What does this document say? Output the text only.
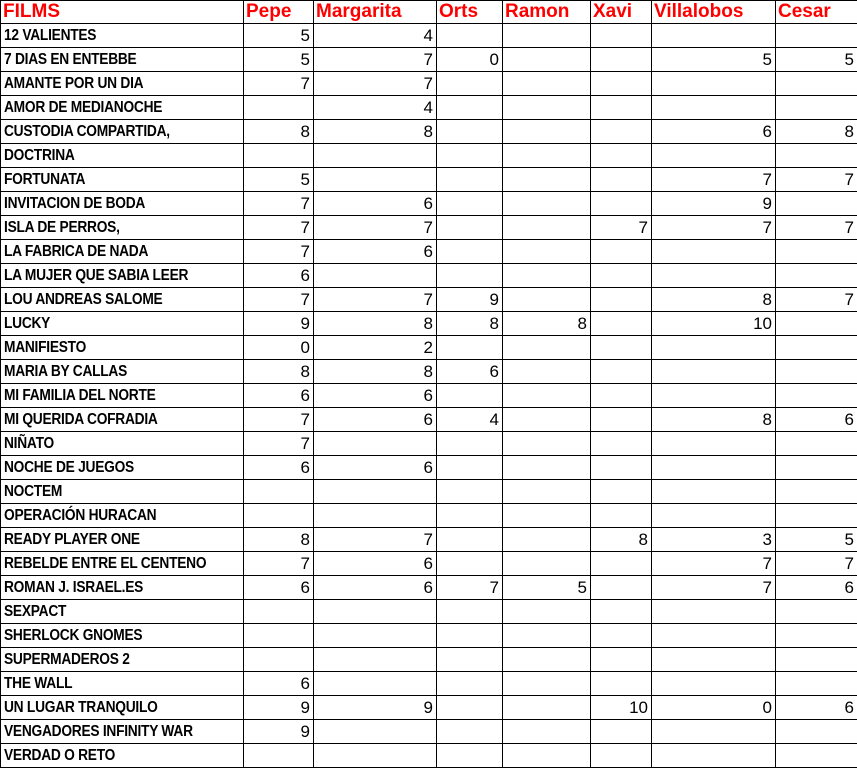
FILMS	Pepe	Margarita	Orts	Ramon	Xavi	Villalobos	Cesar
12 VALIENTES	5	4					
7 DIAS EN ENTEBBE	5	7	0			5	5
AMANTE POR UN DIA	7	7					
AMOR DE MEDIANOCHE		4					
CUSTODIA COMPARTIDA,	8	8				6	8
DOCTRINA							
FORTUNATA	5					7	7
INVITACION DE BODA	7	6				9	
ISLA DE PERROS,	7	7			7	7	7
LA FABRICA DE NADA	7	6					
LA MUJER QUE SABIA LEER	6						
LOU ANDREAS SALOME	7	7	9			8	7
LUCKY	9	8	8	8		10	
MANIFIESTO	0	2					
MARIA BY CALLAS	8	8	6				
MI FAMILIA DEL NORTE	6	6					
MI QUERIDA COFRADIA	7	6	4			8	6
NIÑATO	7						
NOCHE DE JUEGOS	6	6					
NOCTEM							
OPERACIÓN HURACAN							
READY PLAYER ONE	8	7			8	3	5
REBELDE ENTRE EL CENTENO	7	6				7	7
ROMAN J. ISRAEL.ES	6	6	7	5		7	6
SEXPACT							
SHERLOCK GNOMES							
SUPERMADEROS 2							
THE WALL	6						
UN LUGAR TRANQUILO	9	9			10	0	6
VENGADORES INFINITY WAR	9						
VERDAD O RETO							
